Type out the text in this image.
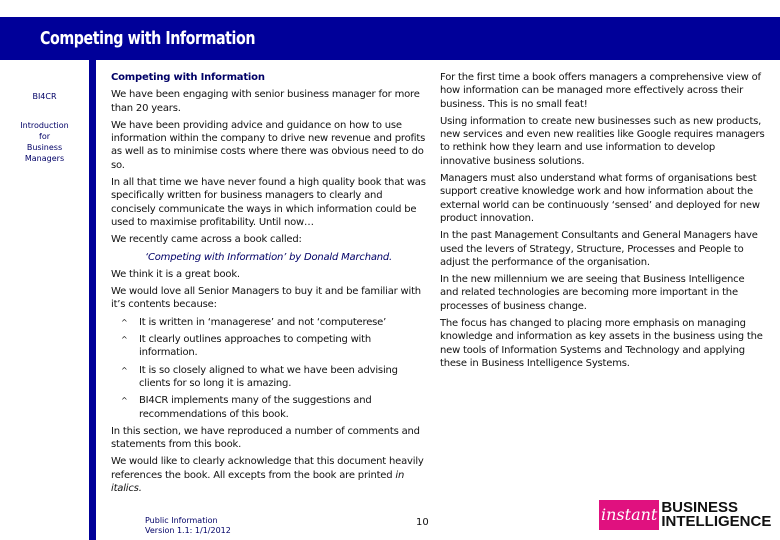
Competing with Information
BI4CR
Introduction
for
Business
Managers

Competing with Information

We have been engaging with senior business manager for more than 20 years.

We have been providing advice and guidance on how to use information within the company to drive new revenue and profits as well as to minimise costs where there was obvious need to do so.

In all that time we have never found a high quality book that was specifically written for business managers to clearly and concisely communicate the ways in which information could be used to maximise profitability. Until now…

We recently came across a book called:

‘Competing with Information’ by Donald Marchand.

We think it is a great book.

We would love all Senior Managers to buy it and be familiar with it’s contents because:

^ It is written in ‘managerese’ and not ‘computerese’
^ It clearly outlines approaches to competing with information.
^ It is so closely aligned to what we have been advising clients for so long it is amazing.
^ BI4CR implements many of the suggestions and recommendations of this book.

In this section, we have reproduced a number of comments and statements from this book.

We would like to clearly acknowledge that this document heavily references the book. All excepts from the book are printed in italics.

For the first time a book offers managers a comprehensive view of how information can be managed more effectively across their business. This is no small feat!

Using information to create new businesses such as new products, new services and even new realities like Google requires managers to rethink how they learn and use information to develop innovative business solutions.

Managers must also understand what forms of organisations best support creative knowledge work and how information about the external world can be continuously ‘sensed’ and deployed for new product innovation.

In the past Management Consultants and General Managers have used the levers of Strategy, Structure, Processes and People to adjust the performance of the organisation.

In the new millennium we are seeing that Business Intelligence and related technologies are becoming more important in the processes of business change.

The focus has changed to placing more emphasis on managing knowledge and information as key assets in the business using the new tools of Information Systems and Technology and applying these in Business Intelligence Systems.

Public Information
Version 1.1: 1/1/2012
10	instant BUSINESS
INTELLIGENCE
